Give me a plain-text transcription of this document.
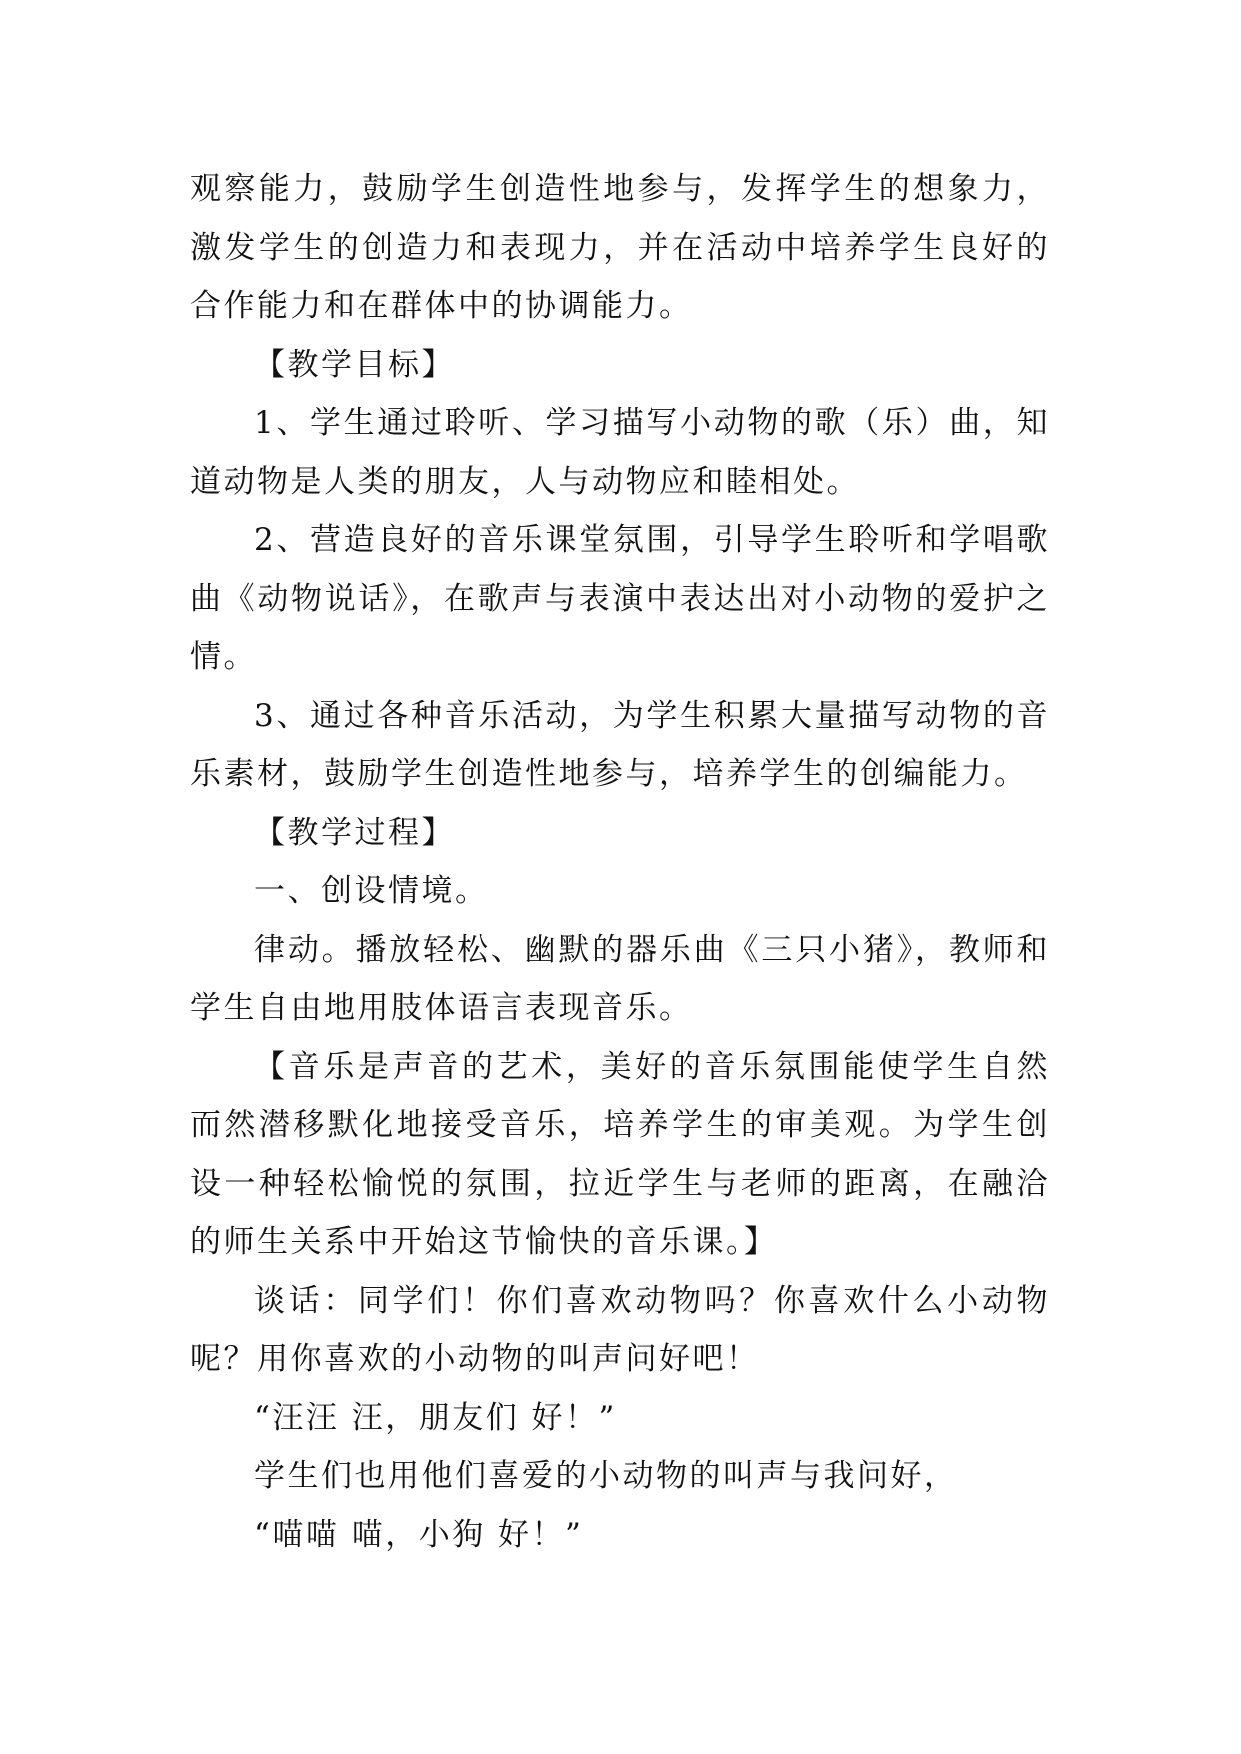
观察能力，鼓励学生创造性地参与，发挥学生的想象力，激发学生的创造力和表现力，并在活动中培养学生良好的合作能力和在群体中的协调能力。

【教学目标】

1、学生通过聆听、学习描写小动物的歌（乐）曲，知道动物是人类的朋友，人与动物应和睦相处。

2、营造良好的音乐课堂氛围，引导学生聆听和学唱歌曲《动物说话》，在歌声与表演中表达出对小动物的爱护之情。

3、通过各种音乐活动，为学生积累大量描写动物的音乐素材，鼓励学生创造性地参与，培养学生的创编能力。

【教学过程】

一、创设情境。

律动。播放轻松、幽默的器乐曲《三只小猪》，教师和学生自由地用肢体语言表现音乐。

【音乐是声音的艺术，美好的音乐氛围能使学生自然而然潜移默化地接受音乐，培养学生的审美观。为学生创设一种轻松愉悦的氛围，拉近学生与老师的距离，在融洽的师生关系中开始这节愉快的音乐课。】

谈话：同学们！你们喜欢动物吗？你喜欢什么小动物呢？用你喜欢的小动物的叫声问好吧！

“汪汪 汪，朋友们 好！”

学生们也用他们喜爱的小动物的叫声与我问好，

“喵喵 喵，小狗 好！”
